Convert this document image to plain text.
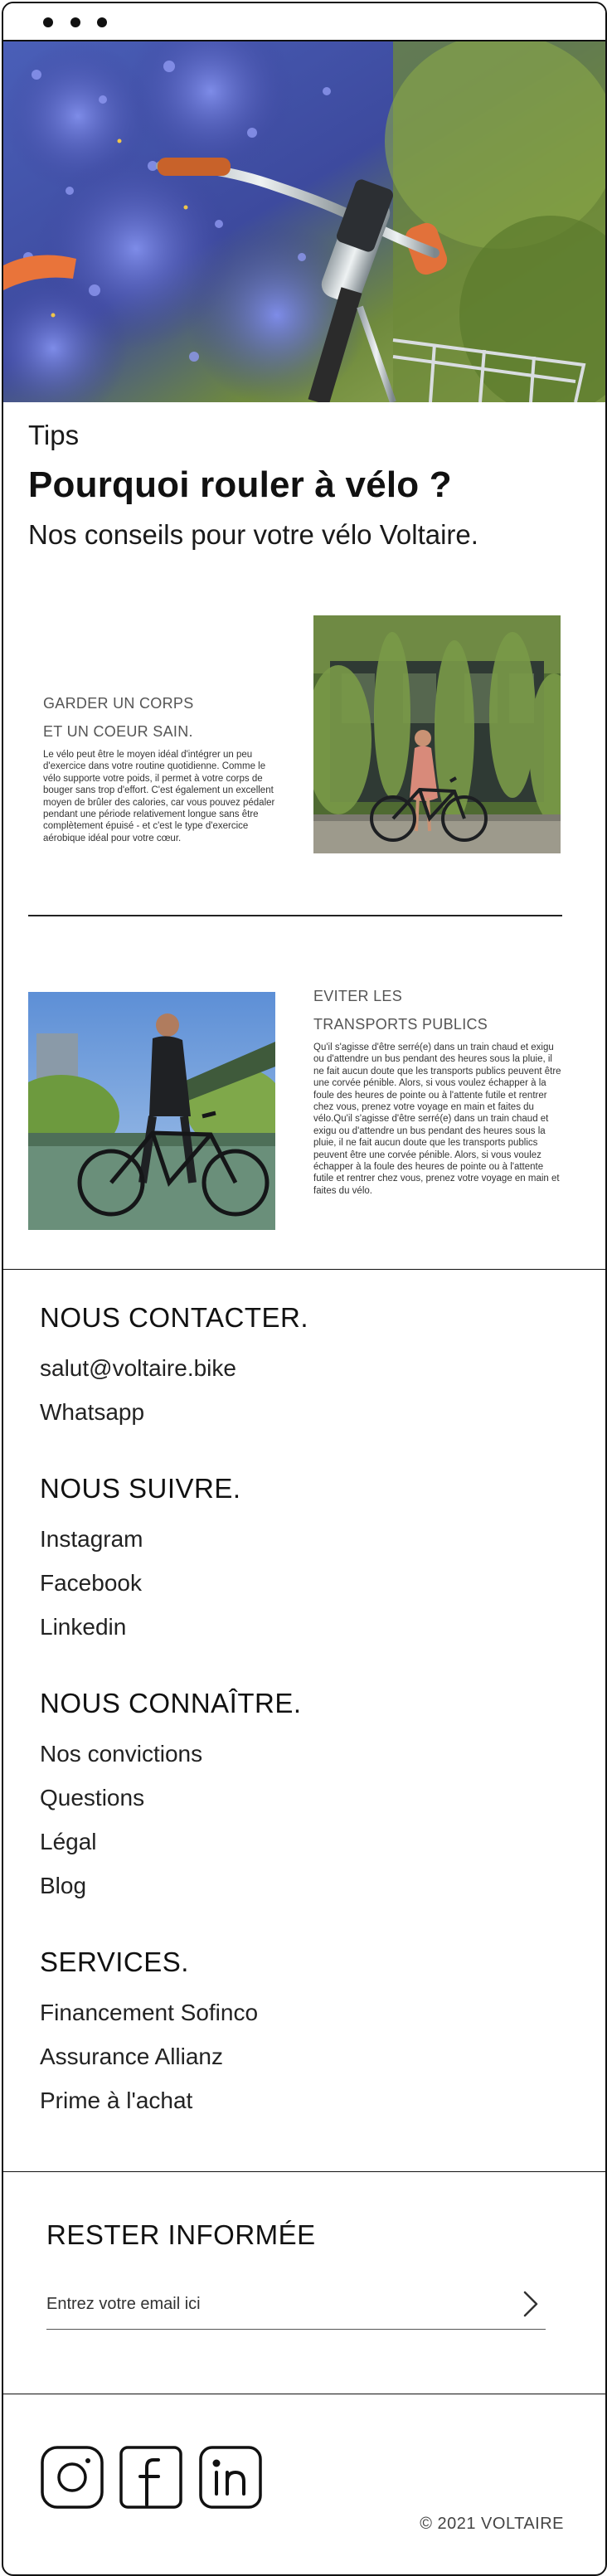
Tips
Pourquoi rouler à vélo ?
Nos conseils pour votre vélo Voltaire.
GARDER UN CORPS
ET UN COEUR SAIN.
Le vélo peut être le moyen idéal d'intégrer un peu d'exercice dans votre routine quotidienne. Comme le vélo supporte votre poids, il permet à votre corps de bouger sans trop d'effort. C'est également un excellent moyen de brûler des calories, car vous pouvez pédaler pendant une période relativement longue sans être complètement épuisé - et c'est le type d'exercice aérobique idéal pour votre cœur.
EVITER LES
TRANSPORTS PUBLICS
Qu'il s'agisse d'être serré(e) dans un train chaud et exigu ou d'attendre un bus pendant des heures sous la pluie, il ne fait aucun doute que les transports publics peuvent être une corvée pénible. Alors, si vous voulez échapper à la foule des heures de pointe ou à l'attente futile et rentrer chez vous, prenez votre voyage en main et faites du vélo.Qu'il s'agisse d'être serré(e) dans un train chaud et exigu ou d'attendre un bus pendant des heures sous la pluie, il ne fait aucun doute que les transports publics peuvent être une corvée pénible. Alors, si vous voulez échapper à la foule des heures de pointe ou à l'attente futile et rentrer chez vous, prenez votre voyage en main et faites du vélo.
NOUS CONTACTER.
salut@voltaire.bike
Whatsapp
NOUS SUIVRE.
Instagram
Facebook
Linkedin
NOUS CONNAÎTRE.
Nos convictions
Questions
Légal
Blog
SERVICES.
Financement Sofinco
Assurance Allianz
Prime à l'achat
RESTER INFORMÉE
Entrez votre email ici
© 2021 VOLTAIRE
